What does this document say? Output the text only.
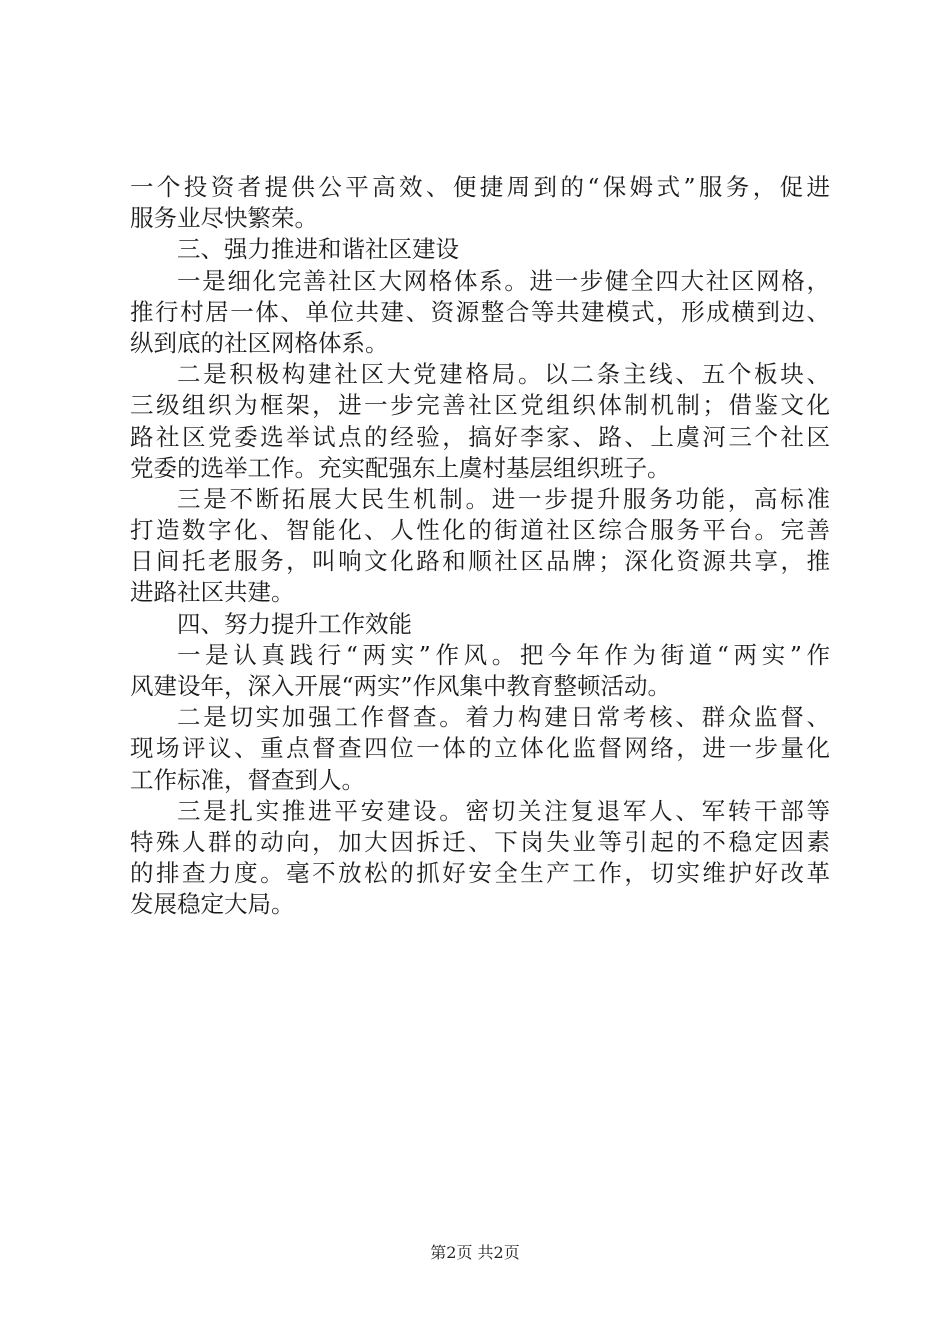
一个投资者提供公平高效、便捷周到的“保姆式”服务，促进
服务业尽快繁荣。
三、强力推进和谐社区建设
一是细化完善社区大网格体系。进一步健全四大社区网格，
推行村居一体、单位共建、资源整合等共建模式，形成横到边、
纵到底的社区网格体系。
二是积极构建社区大党建格局。以二条主线、五个板块、
三级组织为框架，进一步完善社区党组织体制机制；借鉴文化
路社区党委选举试点的经验，搞好李家、路、上虞河三个社区
党委的选举工作。充实配强东上虞村基层组织班子。
三是不断拓展大民生机制。进一步提升服务功能，高标准
打造数字化、智能化、人性化的街道社区综合服务平台。完善
日间托老服务，叫响文化路和顺社区品牌；深化资源共享，推
进路社区共建。
四、努力提升工作效能
一是认真践行“两实”作风。把今年作为街道“两实”作
风建设年，深入开展“两实”作风集中教育整顿活动。
二是切实加强工作督查。着力构建日常考核、群众监督、
现场评议、重点督查四位一体的立体化监督网络，进一步量化
工作标准，督查到人。
三是扎实推进平安建设。密切关注复退军人、军转干部等
特殊人群的动向，加大因拆迁、下岗失业等引起的不稳定因素
的排查力度。毫不放松的抓好安全生产工作，切实维护好改革
发展稳定大局。
第2页 共2页
